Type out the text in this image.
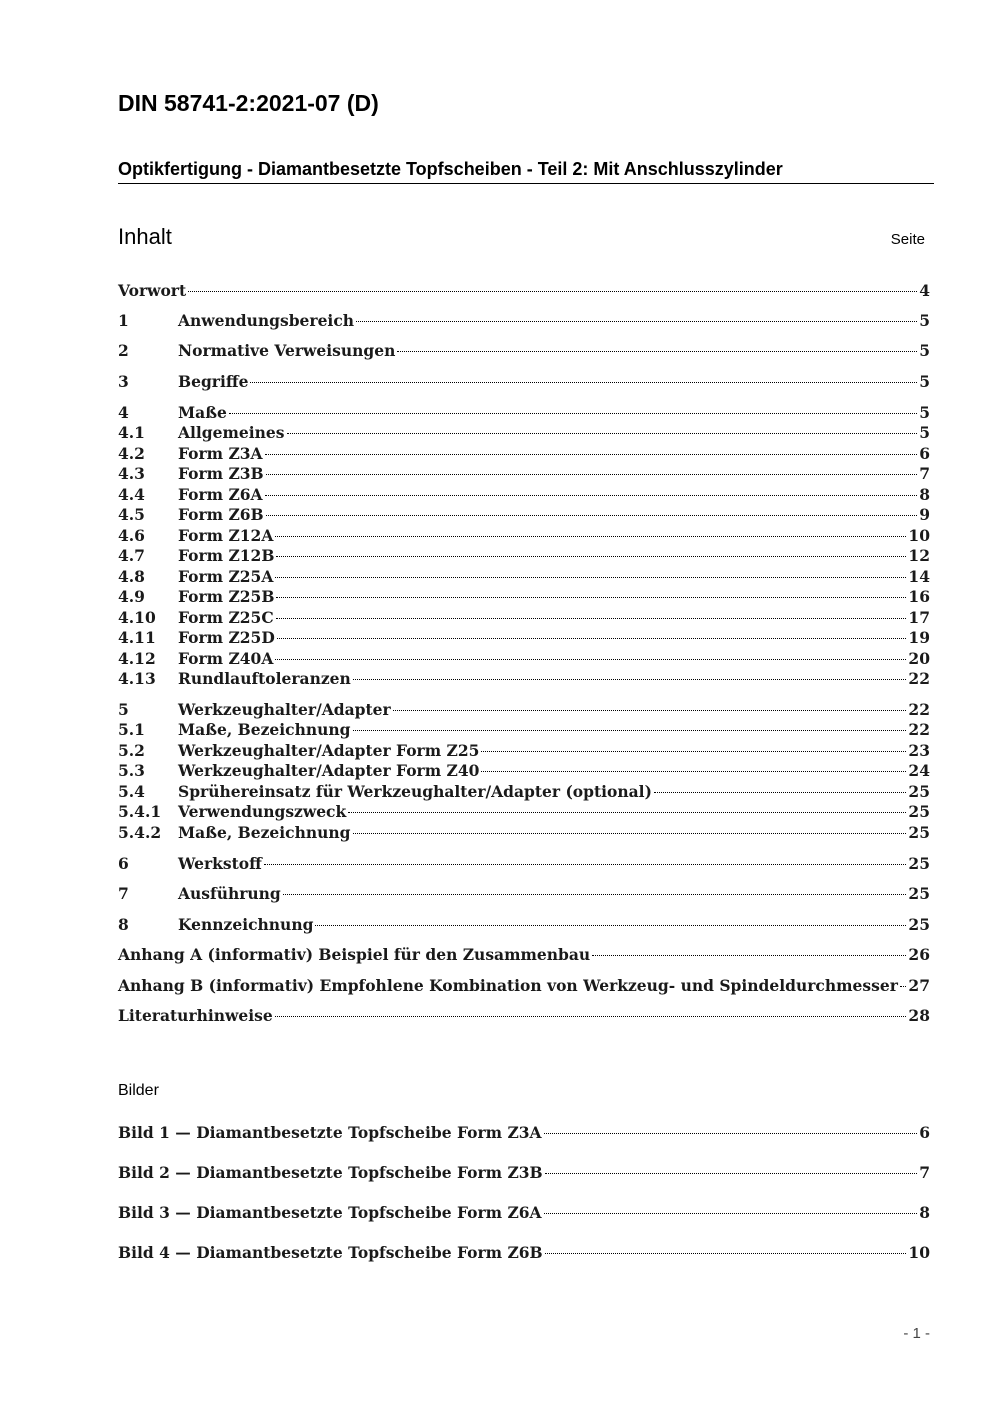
DIN 58741-2:2021-07 (D)
Optikfertigung - Diamantbesetzte Topfscheiben - Teil 2: Mit Anschlusszylinder
Inhalt	Seite
Vorwort	4
1	Anwendungsbereich	5
2	Normative Verweisungen	5
3	Begriffe	5
4	Maße	5
4.1	Allgemeines	5
4.2	Form Z3A	6
4.3	Form Z3B	7
4.4	Form Z6A	8
4.5	Form Z6B	9
4.6	Form Z12A	10
4.7	Form Z12B	12
4.8	Form Z25A	14
4.9	Form Z25B	16
4.10	Form Z25C	17
4.11	Form Z25D	19
4.12	Form Z40A	20
4.13	Rundlauftoleranzen	22
5	Werkzeughalter/Adapter	22
5.1	Maße, Bezeichnung	22
5.2	Werkzeughalter/Adapter Form Z25	23
5.3	Werkzeughalter/Adapter Form Z40	24
5.4	Sprühereinsatz für Werkzeughalter/Adapter (optional)	25
5.4.1	Verwendungszweck	25
5.4.2	Maße, Bezeichnung	25
6	Werkstoff	25
7	Ausführung	25
8	Kennzeichnung	25
Anhang A (informativ) Beispiel für den Zusammenbau	26
Anhang B (informativ) Empfohlene Kombination von Werkzeug- und Spindeldurchmesser 27
Literaturhinweise	28
Bilder
Bild 1 — Diamantbesetzte Topfscheibe Form Z3A	6
Bild 2 — Diamantbesetzte Topfscheibe Form Z3B	7
Bild 3 — Diamantbesetzte Topfscheibe Form Z6A	8
Bild 4 — Diamantbesetzte Topfscheibe Form Z6B	10
- 1 -
